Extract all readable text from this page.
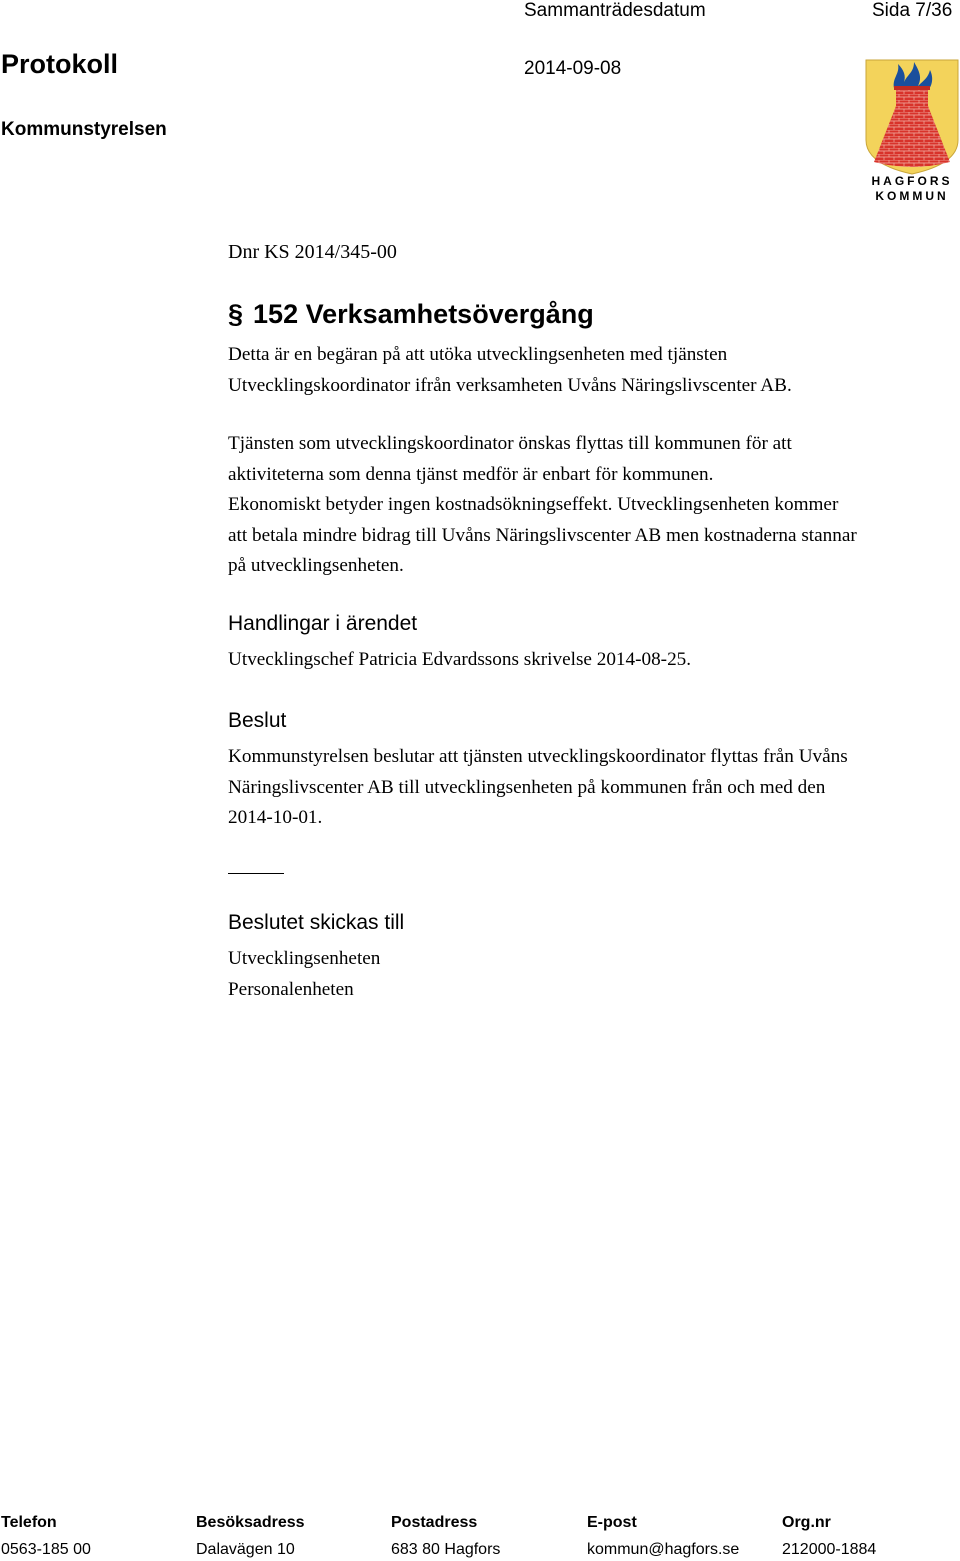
Sammanträdesdatum	Sida 7/36
Protokoll	2014-09-08
Kommunstyrelsen
HAGFORS
KOMMUN
Dnr KS 2014/345-00
§ 152 Verksamhetsövergång
Detta är en begäran på att utöka utvecklingsenheten med tjänsten
Utvecklingskoordinator ifrån verksamheten Uvåns Näringslivscenter AB.
Tjänsten som utvecklingskoordinator önskas flyttas till kommunen för att
aktiviteterna som denna tjänst medför är enbart för kommunen.
Ekonomiskt betyder ingen kostnadsökningseffekt. Utvecklingsenheten kommer
att betala mindre bidrag till Uvåns Näringslivscenter AB men kostnaderna stannar
på utvecklingsenheten.
Handlingar i ärendet
Utvecklingschef Patricia Edvardssons skrivelse 2014-08-25.
Beslut
Kommunstyrelsen beslutar att tjänsten utvecklingskoordinator flyttas från Uvåns
Näringslivscenter AB till utvecklingsenheten på kommunen från och med den
2014-10-01.
Beslutet skickas till
Utvecklingsenheten
Personalenheten
Telefon	Besöksadress	Postadress	E-post	Org.nr
0563-185 00	Dalavägen 10	683 80 Hagfors	kommun@hagfors.se	212000-1884
